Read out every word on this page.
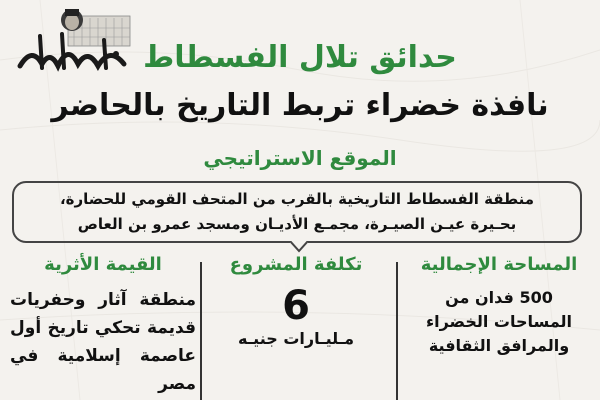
حدائق تلال الفسطاط
نافذة خضراء تربط التاريخ بالحاضر
الموقع الاستراتيجي
منطقة الفسطاط التاريخية بالقرب من المتحف القومي للحضارة،
بحـيرة عيـن الصيـرة، مجمـع الأديـان ومسجد عمرو بن العاص
المساحة الإجمالية
500 فدان من
المساحات الخضراء
والمرافق الثقافية
تكلفة المشروع
6
مـليـارات جنيـه
القيمة الأثرية
منطقة آثار وحفريات
قديمة تحكي تاريخ أول
عاصمة إسلامية في
مصر
